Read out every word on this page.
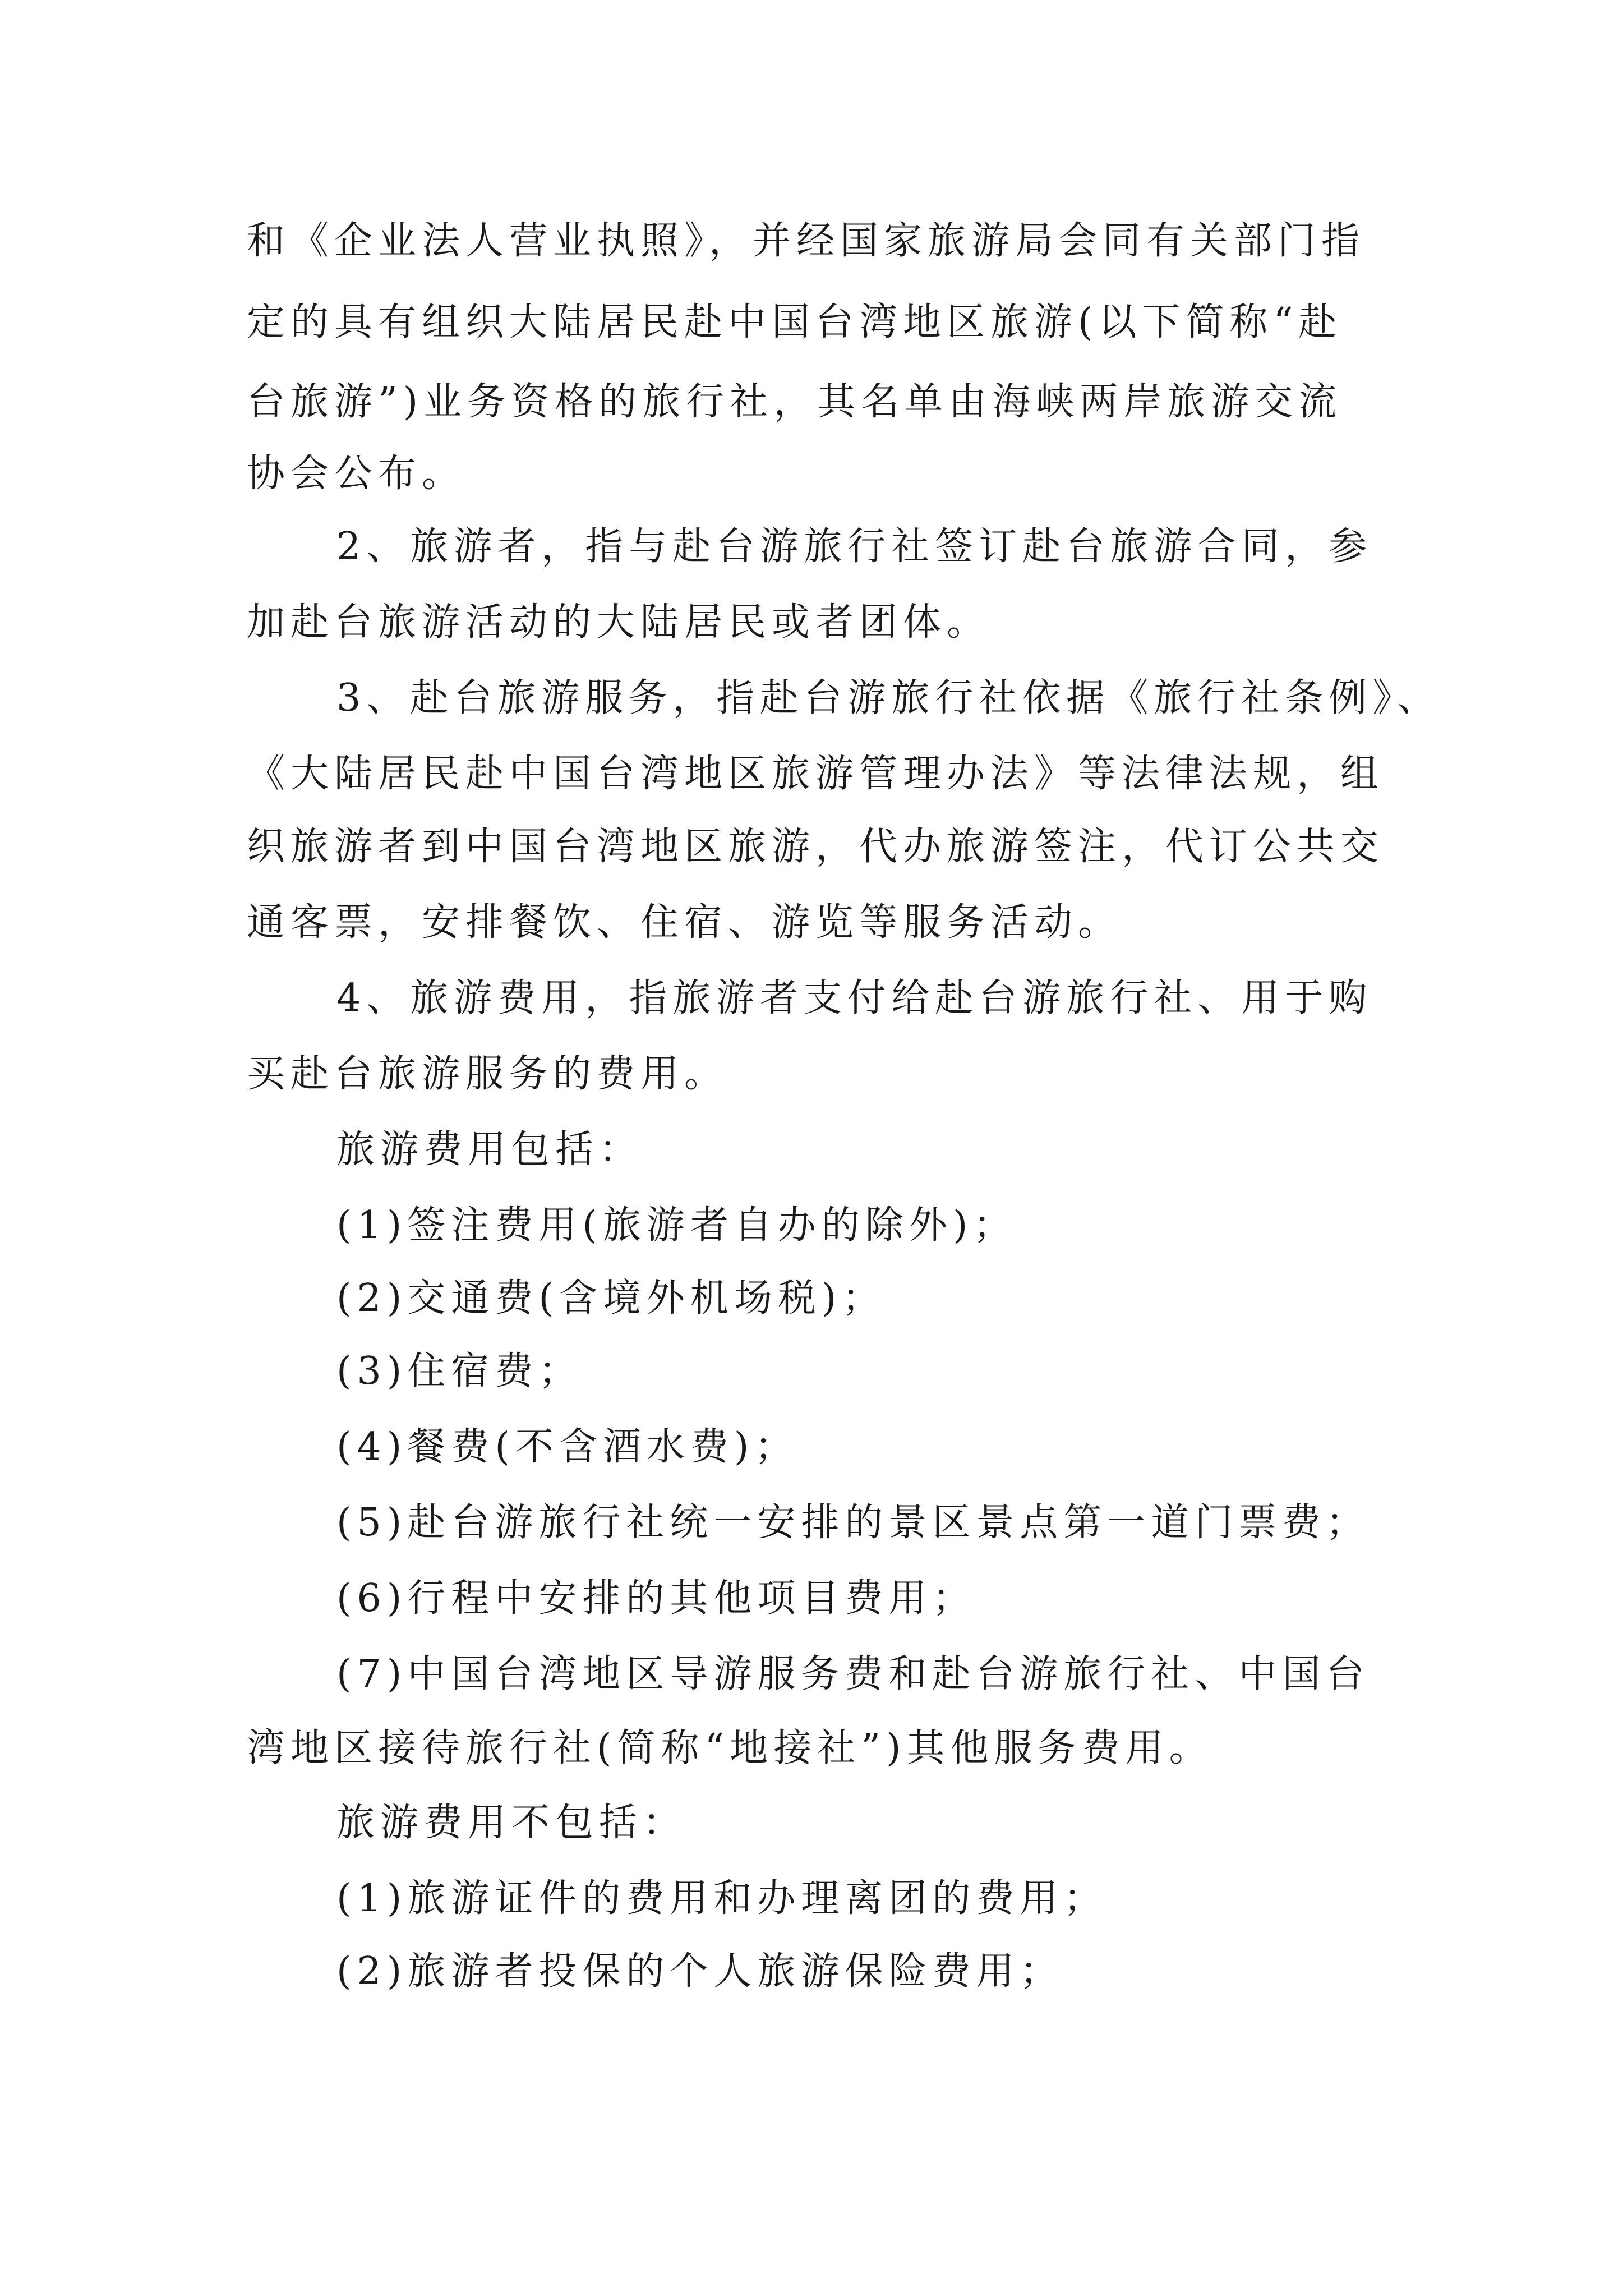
和《企业法人营业执照》，并经国家旅游局会同有关部门指
定的具有组织大陆居民赴中国台湾地区旅游(以下简称“赴
台旅游”)业务资格的旅行社，其名单由海峡两岸旅游交流
协会公布。
2、旅游者，指与赴台游旅行社签订赴台旅游合同，参
加赴台旅游活动的大陆居民或者团体。
3、赴台旅游服务，指赴台游旅行社依据《旅行社条例》、
《大陆居民赴中国台湾地区旅游管理办法》等法律法规，组
织旅游者到中国台湾地区旅游，代办旅游签注，代订公共交
通客票，安排餐饮、住宿、游览等服务活动。
4、旅游费用，指旅游者支付给赴台游旅行社、用于购
买赴台旅游服务的费用。
旅游费用包括：
(1)签注费用(旅游者自办的除外)；
(2)交通费(含境外机场税)；
(3)住宿费；
(4)餐费(不含酒水费)；
(5)赴台游旅行社统一安排的景区景点第一道门票费；
(6)行程中安排的其他项目费用；
(7)中国台湾地区导游服务费和赴台游旅行社、中国台
湾地区接待旅行社(简称“地接社”)其他服务费用。
旅游费用不包括：
(1)旅游证件的费用和办理离团的费用；
(2)旅游者投保的个人旅游保险费用；
